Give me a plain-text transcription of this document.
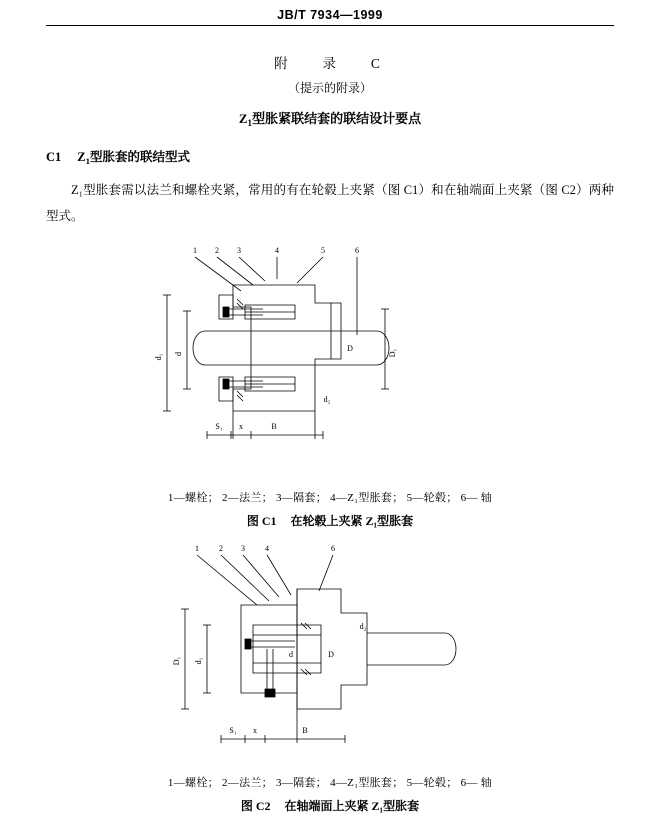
JB/T 7934—1999
附 　录　 C
（提示的附录）
$Z_1$型胀紧联结套的联结设计要点
C1 $Z_1$型胀套的联结型式
Z₁型胀套需以法兰和螺栓夹紧，常用的有在轮毂上夹紧（图 C1）和在轴端面上夹紧（图 C2）两种型式。
1 2 3	4	5	6
d₁ d
D	D₁
d₂
S₁ x	B
1—螺栓； 2—法兰； 3—隔套； 4—Z₁型胀套； 5—轮毂； 6— 轴
图 C1 在轮毂上夹紧 Z₁型胀套
1	2 3	4	6
D₁ d₁
d	D
d₂
S₁ x	B
1—螺栓； 2—法兰； 3—隔套； 4—Z₁型胀套； 5—轮毂； 6— 轴
图 C2 在轴端面上夹紧 Z₁型胀套
